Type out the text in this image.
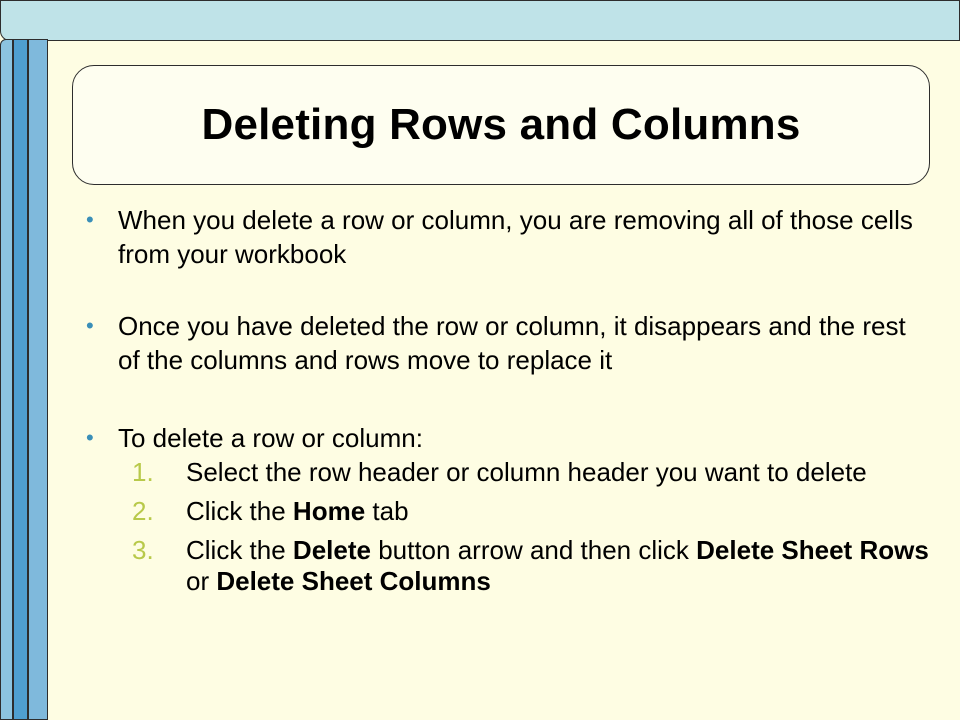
Deleting Rows and Columns
• When you delete a row or column, you are removing all of those cells from your workbook
• Once you have deleted the row or column, it disappears and the rest of the columns and rows move to replace it
• To delete a row or column:
1. Select the row header or column header you want to delete
2. Click the Home tab
3. Click the Delete button arrow and then click Delete Sheet Rows or Delete Sheet Columns
